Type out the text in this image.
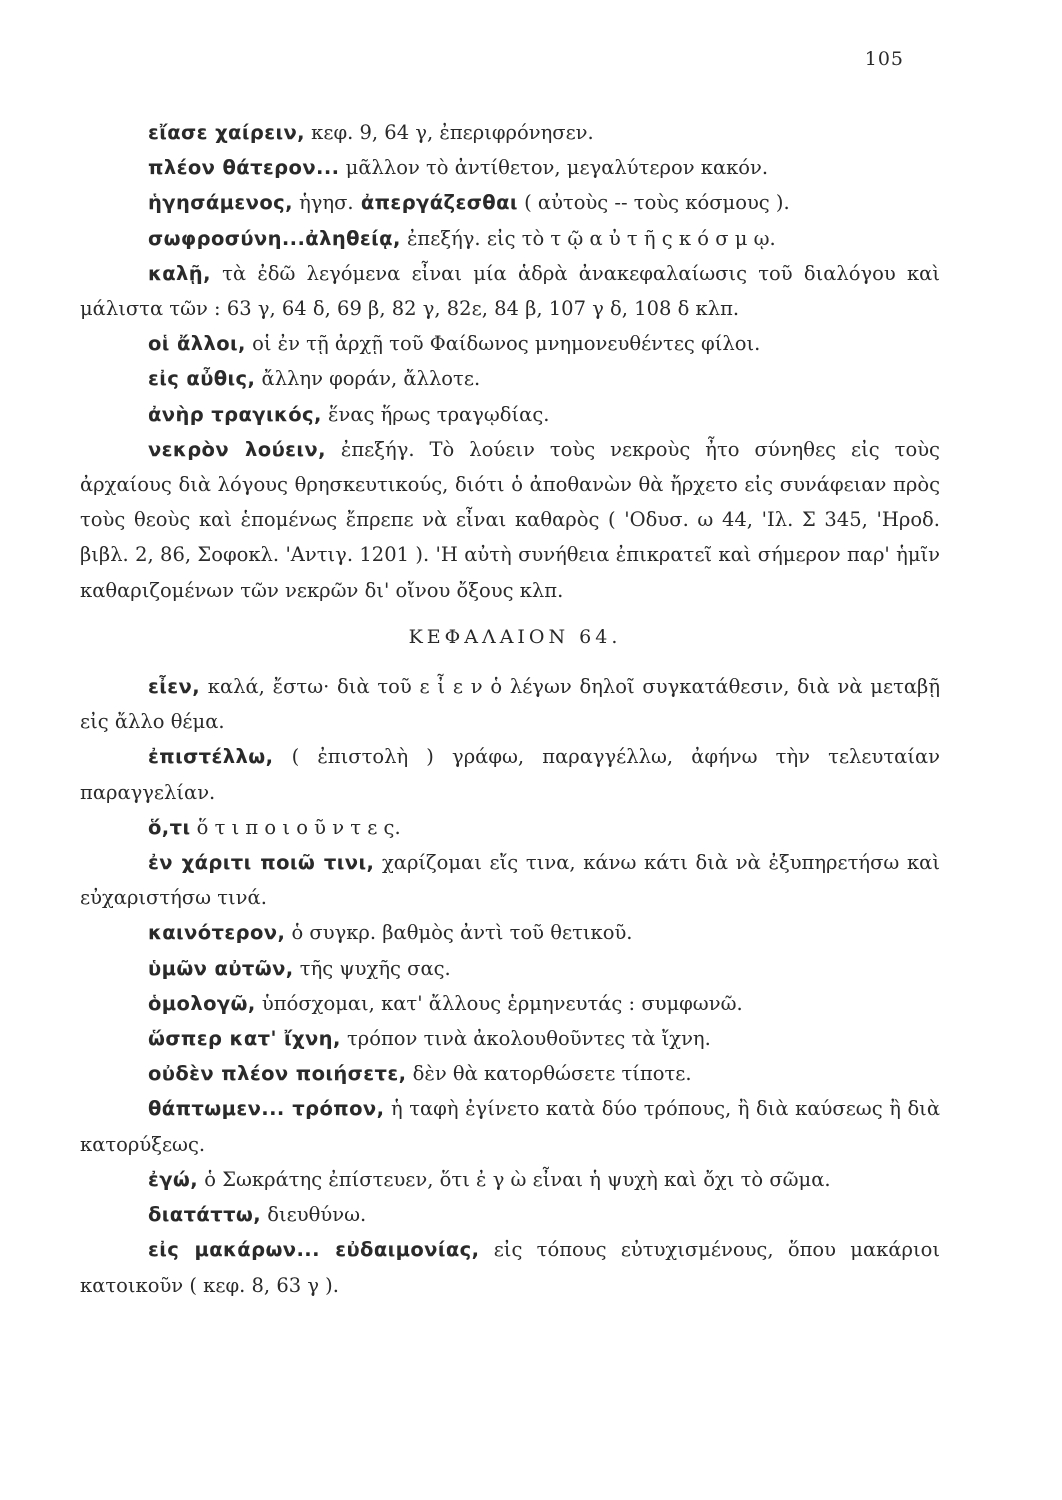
105

εἴασε χαίρειν, κεφ. 9, 64 γ, ἐπεριφρόνησεν.

πλέον θάτερον... μᾶλλον τὸ ἀντίθετον, μεγαλύτερον κακόν.

ἡγησάμενος, ἡγησ. ἀπεργάζεσθαι ( αὐτοὺς -- τοὺς κόσμους ).

σωφροσύνη...ἀληθείᾳ, ἐπεξήγ. εἰς τὸ τ ῷ α ὐ τ ῆ ς κ ό σ μ ῳ.

καλῇ, τὰ ἐδῶ λεγόμενα εἶναι μία ἁδρὰ ἀνακεφαλαίωσις τοῦ διαλόγου καὶ μάλιστα τῶν : 63 γ, 64 δ, 69 β, 82 γ, 82ε, 84 β, 107 γ δ, 108 δ κλπ.

οἱ ἄλλοι, οἱ ἐν τῇ ἀρχῇ τοῦ Φαίδωνος μνημονευθέντες φίλοι.

εἰς αὖθις, ἄλλην φοράν, ἄλλοτε.

ἀνὴρ τραγικός, ἕνας ἥρως τραγῳδίας.

νεκρὸν λούειν, ἐπεξήγ. Τὸ λούειν τοὺς νεκροὺς ἦτο σύνηθες εἰς τοὺς ἀρχαίους διὰ λόγους θρησκευτικούς, διότι ὁ ἀποθανὼν θὰ ἤρχετο εἰς συνάφειαν πρὸς τοὺς θεοὺς καὶ ἑπομένως ἔπρεπε νὰ εἶναι καθαρὸς ( 'Οδυσ. ω 44, 'Ιλ. Σ 345, 'Ηροδ. βιβλ. 2, 86, Σοφοκλ. 'Αντιγ. 1201 ). 'Η αὐτὴ συνήθεια ἐπικρατεῖ καὶ σήμερον παρ' ἡμῖν καθαριζομένων τῶν νεκρῶν δι' οἴνου ὄξους κλπ.

ΚΕΦΑΛΑΙΟΝ 64.

εἶεν, καλά, ἔστω· διὰ τοῦ ε ἶ ε ν ὁ λέγων δηλοῖ συγκατάθεσιν, διὰ νὰ μεταβῇ εἰς ἄλλο θέμα.

ἐπιστέλλω, ( ἐπιστολὴ ) γράφω, παραγγέλλω, ἀφήνω τὴν τελευταίαν παραγγελίαν.

ὅ,τι ὅ τ ι π ο ι ο ῦ ν τ ε ς.

ἐν χάριτι ποιῶ τινι, χαρίζομαι εἴς τινα, κάνω κάτι διὰ νὰ ἐξυπηρετήσω καὶ εὐχαριστήσω τινά.

καινότερον, ὁ συγκρ. βαθμὸς ἀντὶ τοῦ θετικοῦ.

ὑμῶν αὐτῶν, τῆς ψυχῆς σας.

ὁμολογῶ, ὑπόσχομαι, κατ' ἄλλους ἑρμηνευτάς : συμφωνῶ.

ὥσπερ κατ' ἴχνη, τρόπον τινὰ ἀκολουθοῦντες τὰ ἴχνη.

οὐδὲν πλέον ποιήσετε, δὲν θὰ κατορθώσετε τίποτε.

θάπτωμεν... τρόπον, ἡ ταφὴ ἐγίνετο κατὰ δύο τρόπους, ἢ διὰ καύσεως ἢ διὰ κατορύξεως.

ἐγώ, ὁ Σωκράτης ἐπίστευεν, ὅτι ἐ γ ὼ εἶναι ἡ ψυχὴ καὶ ὄχι τὸ σῶμα.

διατάττω, διευθύνω.

εἰς μακάρων... εὐδαιμονίας, εἰς τόπους εὐτυχισμένους, ὅπου μακάριοι κατοικοῦν ( κεφ. 8, 63 γ ).
